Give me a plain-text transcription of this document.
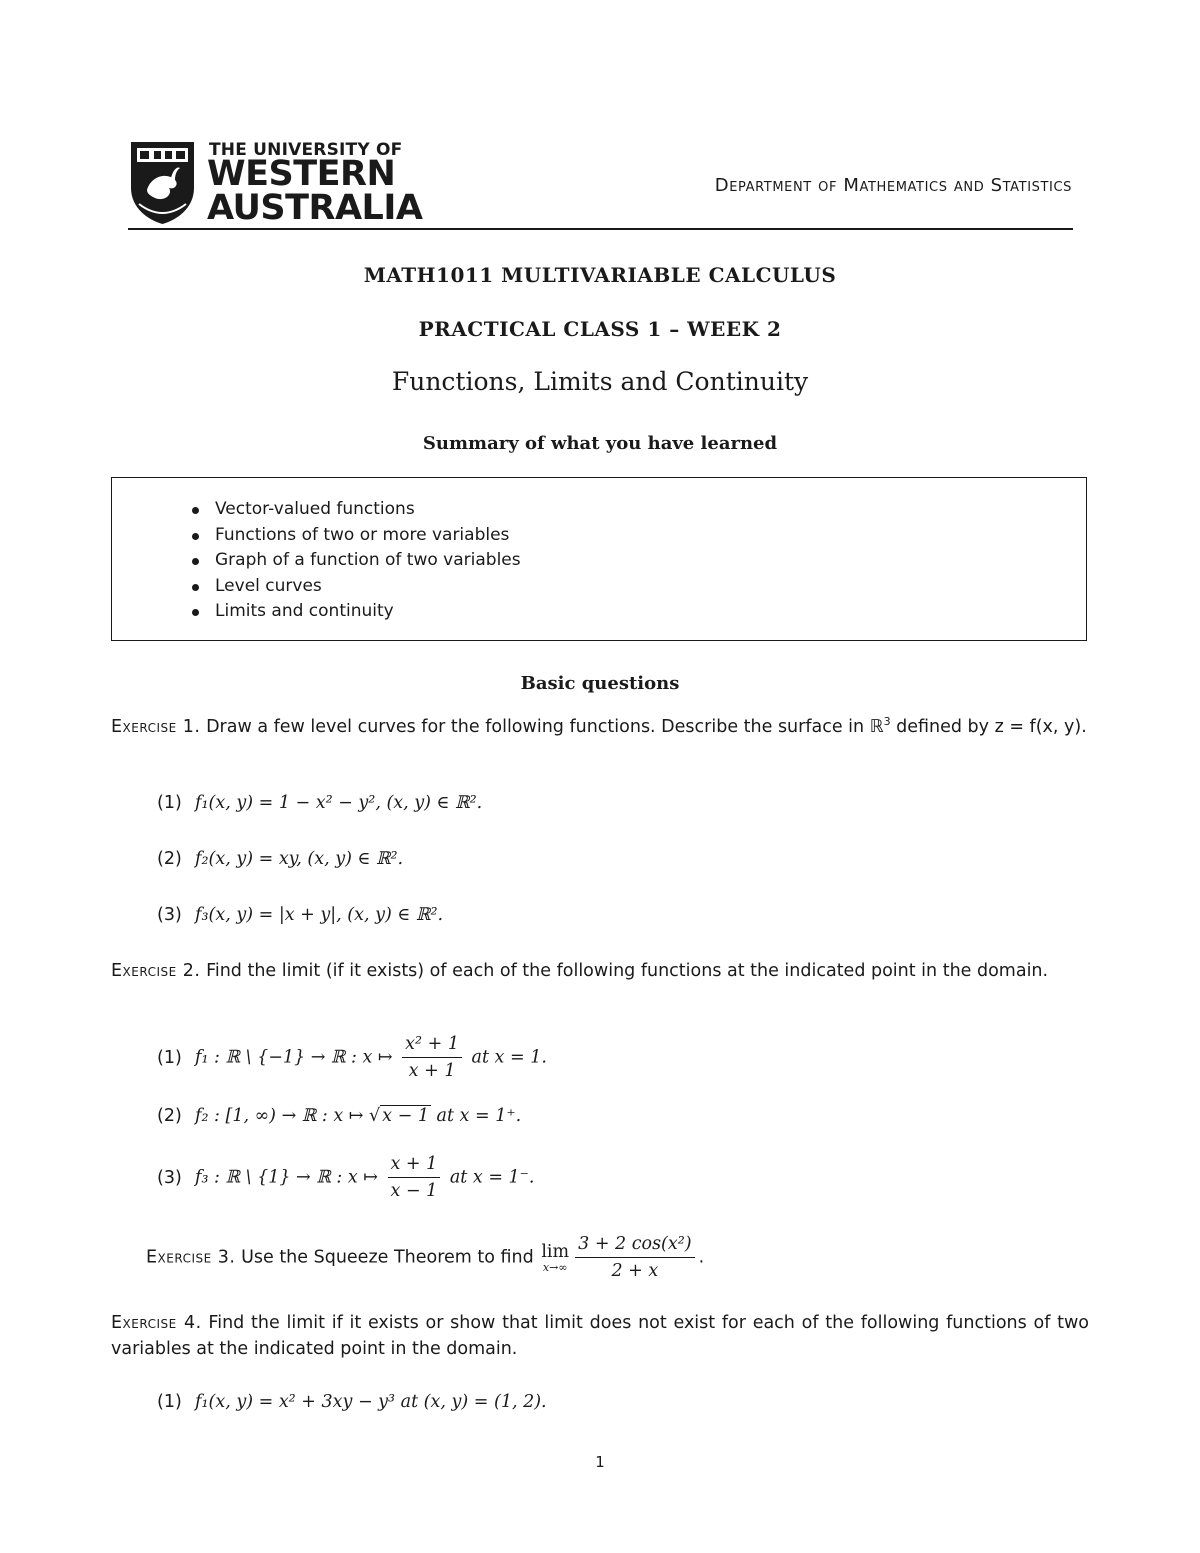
THE UNIVERSITY OF
WESTERN
AUSTRALIA
Department of Mathematics and Statistics
MATH1011 MULTIVARIABLE CALCULUS
PRACTICAL CLASS 1 – WEEK 2
Functions, Limits and Continuity
Summary of what you have learned
Vector-valued functions
Functions of two or more variables
Graph of a function of two variables
Level curves
Limits and continuity
Basic questions
Exercise 1. Draw a few level curves for the following functions. Describe the surface in ℝ$^3$ defined by z = f(x, y).
(1) f₁(x, y) = 1 − x² − y², (x, y) ∈ ℝ².
(2) f₂(x, y) = xy, (x, y) ∈ ℝ².
(3) f₃(x, y) = |x + y|, (x, y) ∈ ℝ².
Exercise 2. Find the limit (if it exists) of each of the following functions at the indicated point in the domain.
(1) f₁ : ℝ \ {−1} → ℝ : x ↦ $\frac{\text{x² + 1}}{x + 1}$ at x = 1.
(2) f₂ : [1, ∞) → ℝ : x ↦ √ x − 1 at x = 1⁺.
(3) f₃ : ℝ \ {1} → ℝ : x ↦ $\frac{x + 1}{x - 1}$ at x = 1⁻.
Exercise 3. Use the Squeeze Theorem to find lim
$x\to\infty \frac{\text{3 + 2 cos(x²)}}{2 + x}$ .
Exercise 4. Find the limit if it exists or show that limit does not exist for each of the following functions of two variables at the indicated point in the domain.
(1) f₁(x, y) = x² + 3xy − y³ at (x, y) = (1, 2).
1
